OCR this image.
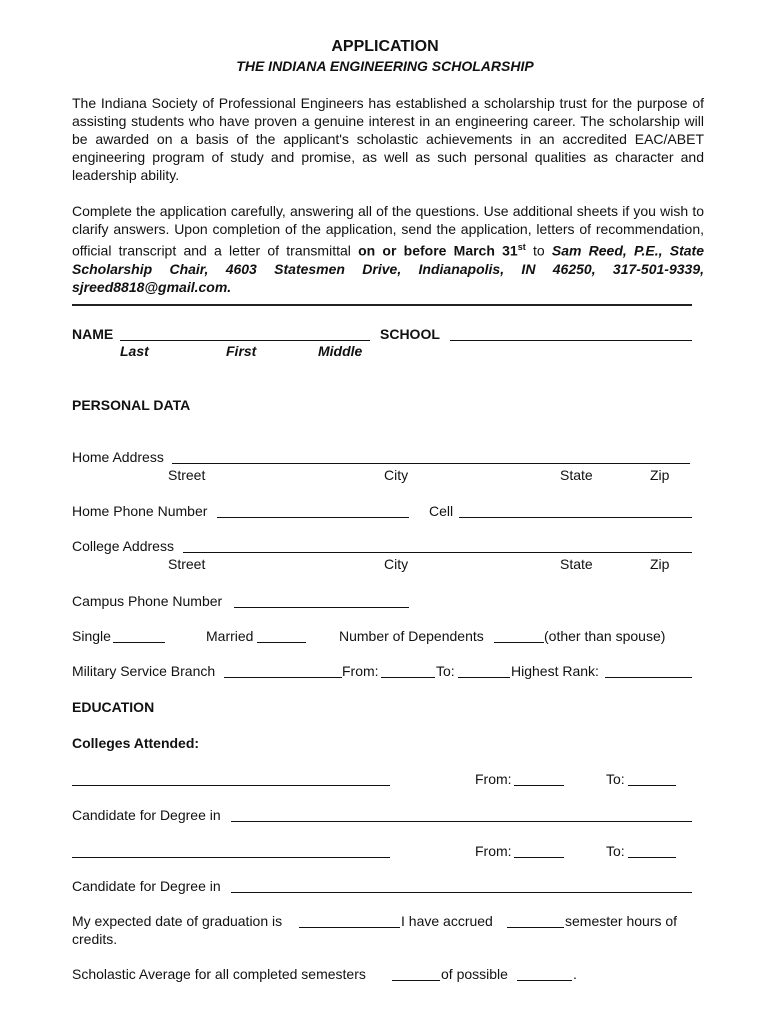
APPLICATION
THE INDIANA ENGINEERING SCHOLARSHIP
The Indiana Society of Professional Engineers has established a scholarship trust for the purpose of assisting students who have proven a genuine interest in an engineering career. The scholarship will be awarded on a basis of the applicant's scholastic achievements in an accredited EAC/ABET engineering program of study and promise, as well as such personal qualities as character and leadership ability.
Complete the application carefully, answering all of the questions. Use additional sheets if you wish to clarify answers. Upon completion of the application, send the application, letters of recommendation, official transcript and a letter of transmittal on or before March 31st to Sam Reed, P.E., State Scholarship Chair, 4603 Statesmen Drive, Indianapolis, IN 46250, 317-501-9339, sjreed8818@gmail.com.
NAME	SCHOOL
Last	First	Middle
PERSONAL DATA
Home Address
Street	City	State	Zip
Home Phone Number	Cell
College Address
Street	City	State	Zip
Campus Phone Number
Single	Married	Number of Dependents	(other than spouse)
Military Service Branch	From:	To:	Highest Rank:
EDUCATION
Colleges Attended:
From:	To:
Candidate for Degree in
From:	To:
Candidate for Degree in
My expected date of graduation is	I have accrued	semester hours of
credits.
Scholastic Average for all completed semesters	of possible	.
